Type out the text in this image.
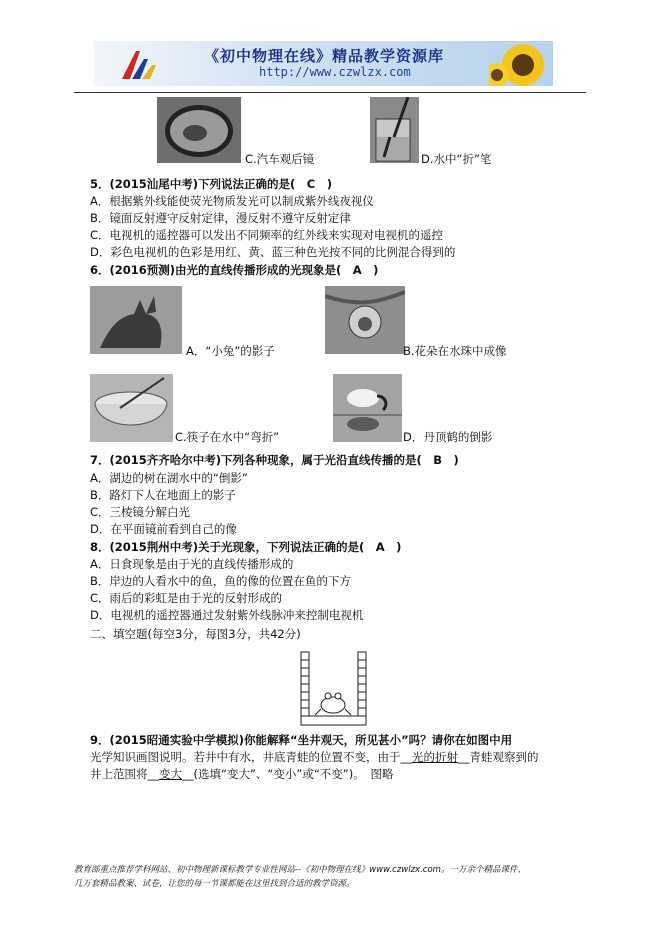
《初中物理在线》精品教学资源库
http://www.czwlzx.com
C.汽车观后镜	D.水中“折”笔
5．(2015汕尾中考)下列说法正确的是(　C　)
A．根据紫外线能使荧光物质发光可以制成紫外线夜视仪
B．镜面反射遵守反射定律，漫反射不遵守反射定律
C．电视机的遥控器可以发出不同频率的红外线来实现对电视机的遥控
D．彩色电视机的色彩是用红、黄、蓝三种色光按不同的比例混合得到的
6．(2016预测)由光的直线传播形成的光现象是(　A　)
A．“小兔”的影子	B.花朵在水珠中成像
C.筷子在水中“弯折”	D．丹顶鹤的倒影
7．(2015齐齐哈尔中考)下列各种现象，属于光沿直线传播的是(　B　)
A．湖边的树在湖水中的“倒影”
B．路灯下人在地面上的影子
C．三棱镜分解白光
D．在平面镜前看到自己的像
8．(2015荆州中考)关于光现象，下列说法正确的是(　A　)
A．日食现象是由于光的直线传播形成的
B．岸边的人看水中的鱼，鱼的像的位置在鱼的下方
C．雨后的彩虹是由于光的反射形成的
D．电视机的遥控器通过发射紫外线脉冲来控制电视机
二、填空题(每空3分，每图3分，共42分)
9．(2015昭通实验中学模拟)你能解释“坐井观天，所见甚小”吗？请你在如图中用
光学知识画图说明。若井中有水，井底青蛙的位置不变，由于__光的折射__青蛙观察到的
井上范围将__变大__(选填“变大”、“变小”或“不变”)。　图略
教育部重点推荐学科网站、初中物理新课标教学专业性网站--《初中物理在线》www.czwlzx.com。一万余个精品课件、
几万套精品教案、试卷，让您的每一节课都能在这里找到合适的教学资源。
